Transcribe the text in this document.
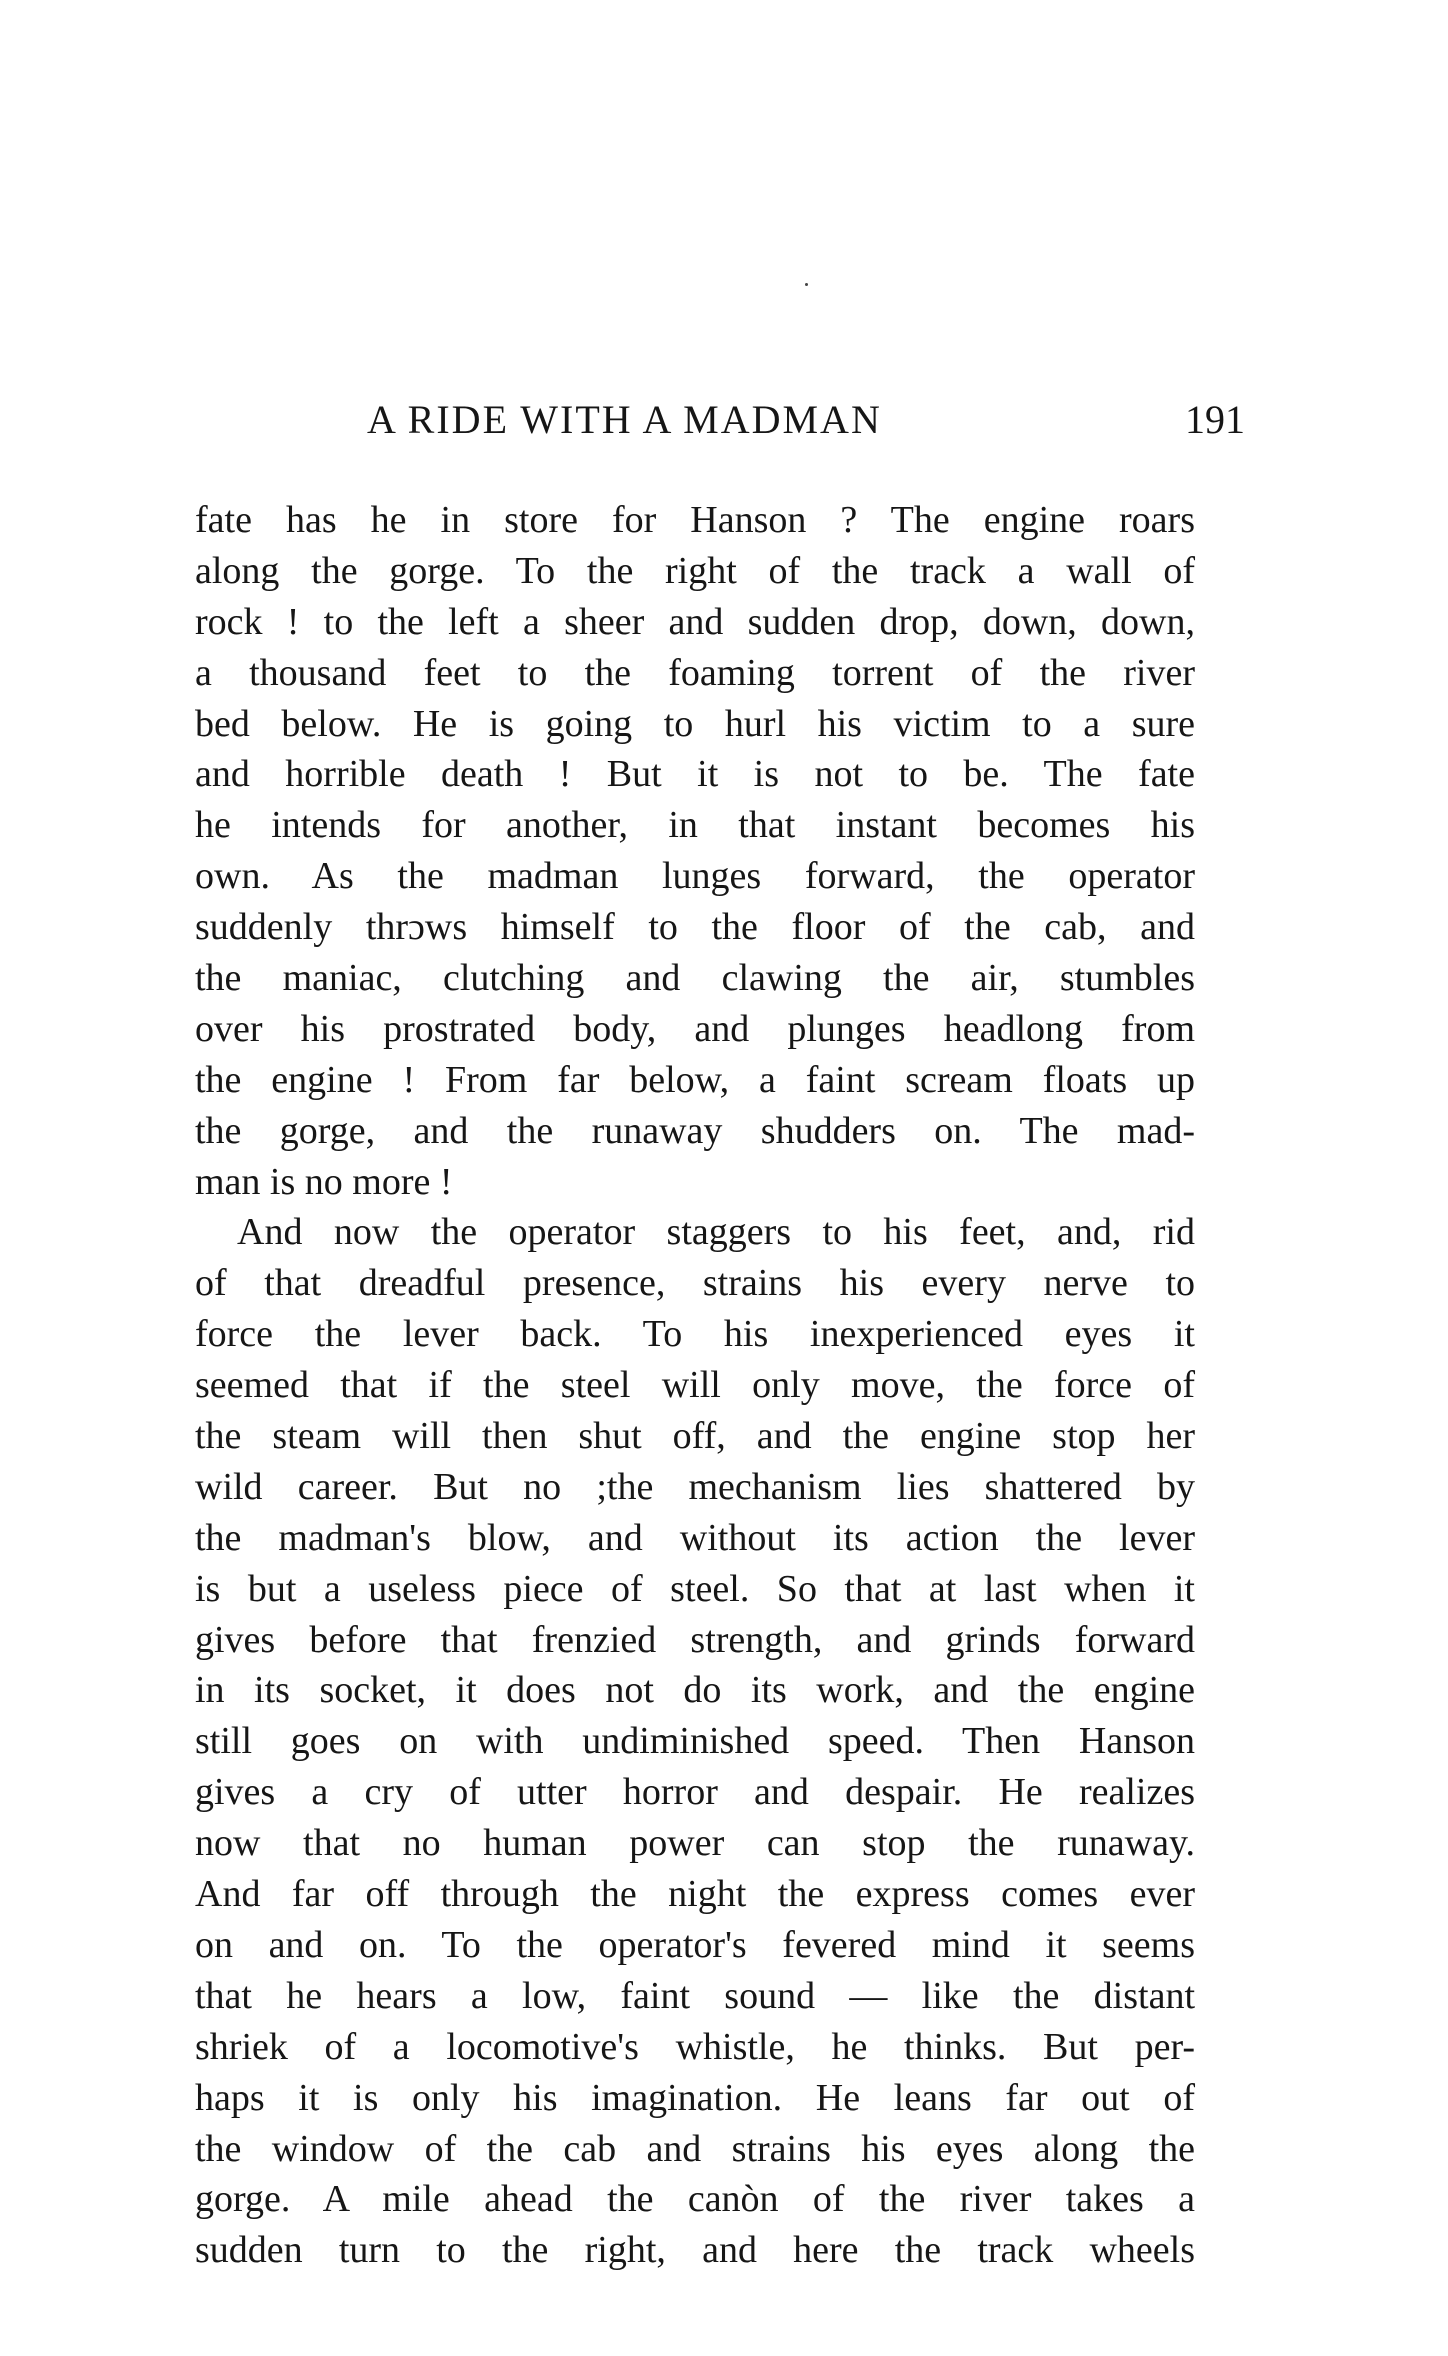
A RIDE WITH A MADMAN	191
fate has he in store for Hanson ? The engine roars
along the gorge. To the right of the track a wall of
rock ! to the left a sheer and sudden drop, down, down,
a thousand feet to the foaming torrent of the river
bed below. He is going to hurl his victim to a sure
and horrible death ! But it is not to be. The fate
he intends for another, in that instant becomes his
own. As the madman lunges forward, the operator
suddenly thrɔws himself to the floor of the cab, and
the maniac, clutching and clawing the air, stumbles
over his prostrated body, and plunges headlong from
the engine ! From far below, a faint scream floats up
the gorge, and the runaway shudders on. The mad-
man is no more !
And now the operator staggers to his feet, and, rid
of that dreadful presence, strains his every nerve to
force the lever back. To his inexperienced eyes it
seemed that if the steel will only move, the force of
the steam will then shut off, and the engine stop her
wild career. But no ;the mechanism lies shattered by
the madman's blow, and without its action the lever
is but a useless piece of steel. So that at last when it
gives before that frenzied strength, and grinds forward
in its socket, it does not do its work, and the engine
still goes on with undiminished speed. Then Hanson
gives a cry of utter horror and despair. He realizes
now that no human power can stop the runaway.
And far off through the night the express comes ever
on and on. To the operator's fevered mind it seems
that he hears a low, faint sound — like the distant
shriek of a locomotive's whistle, he thinks. But per-
haps it is only his imagination. He leans far out of
the window of the cab and strains his eyes along the
gorge. A mile ahead the canòn of the river takes a
sudden turn to the right, and here the track wheels
